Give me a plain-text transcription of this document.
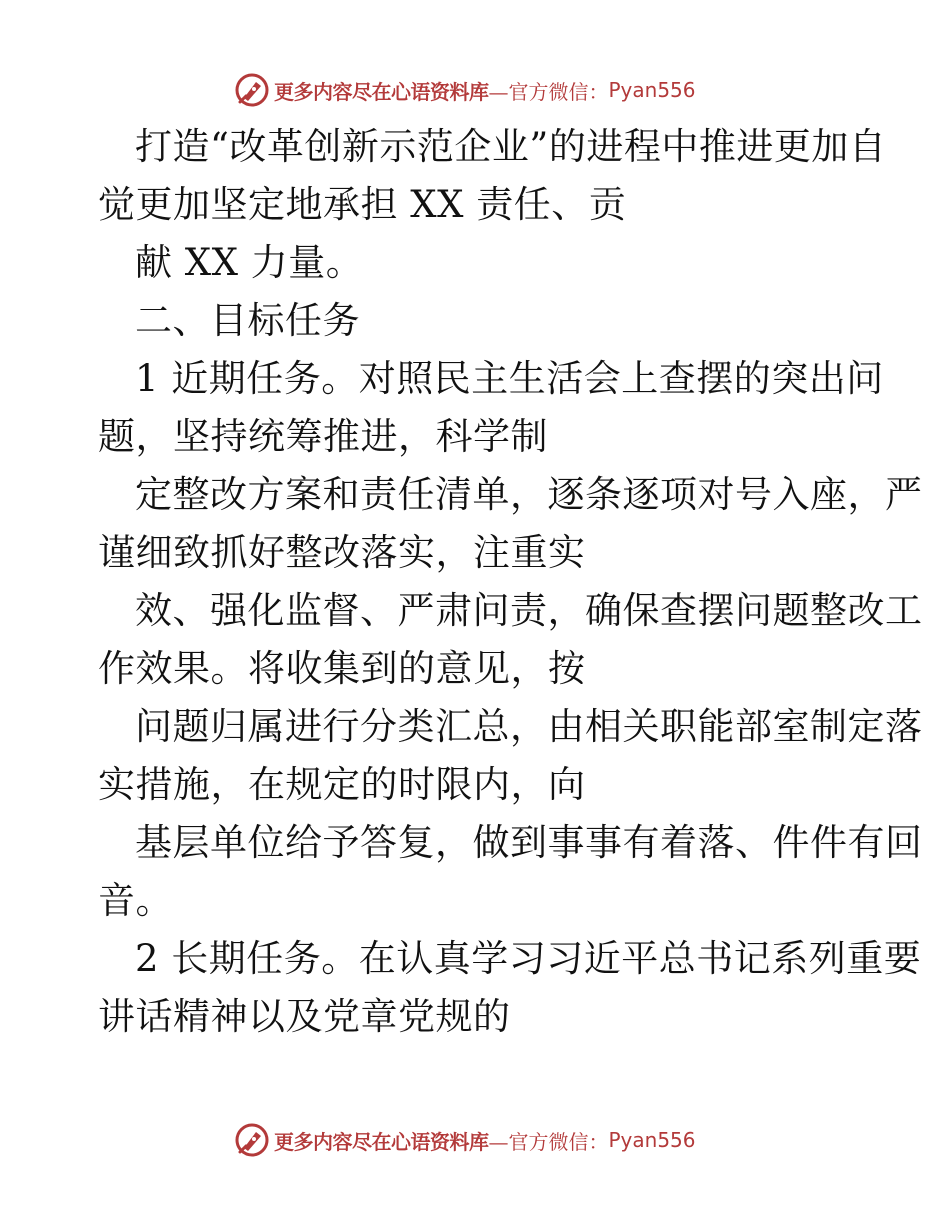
更多内容尽在心语资料库 —官方微信： Pyan556
打造“改革创新示范企业”的进程中推进更加自
觉更加坚定地承担 XX 责任、贡
献 XX 力量。
二、目标任务
1 近期任务。对照民主生活会上查摆的突出问
题，坚持统筹推进，科学制
定整改方案和责任清单，逐条逐项对号入座，严
谨细致抓好整改落实，注重实
效、强化监督、严肃问责，确保查摆问题整改工
作效果。将收集到的意见，按
问题归属进行分类汇总，由相关职能部室制定落
实措施，在规定的时限内，向
基层单位给予答复，做到事事有着落、件件有回
音。
2 长期任务。在认真学习习近平总书记系列重要
讲话精神以及党章党规的
更多内容尽在心语资料库 —官方微信： Pyan556
